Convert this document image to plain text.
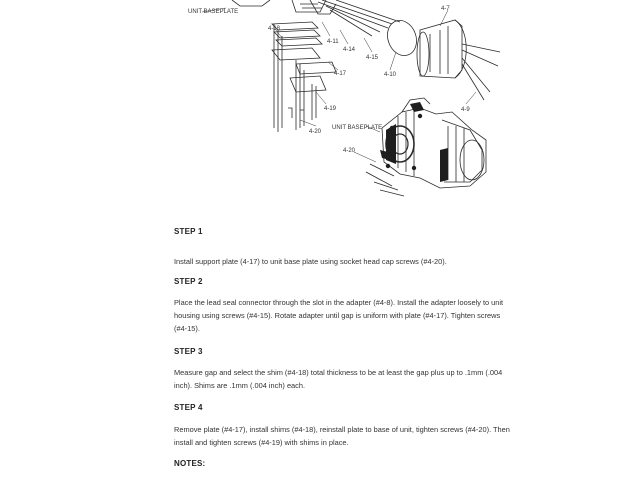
UNIT BASEPLATE	4-7
4-18
4-11
4-14
4-15
4-10
4-17
4-19
4-20
4-9
UNIT BASEPLATE
4-20
STEP 1
Install support plate (4-17) to unit base plate using socket head cap screws (#4-20).
STEP 2
Place the lead seal connector through the slot in the adapter (#4-8). Install the adapter loosely to unit
housing using screws (#4-15). Rotate adapter until gap is uniform with plate (#4-17). Tighten screws
(#4-15).
STEP 3
Measure gap and select the shim (#4-18) total thickness to be at least the gap plus up to .1mm (.004
inch). Shims are .1mm (.004 inch) each.
STEP 4
Remove plate (#4-17), install shims (#4-18), reinstall plate to base of unit, tighten screws (#4-20). Then
install and tighten screws (#4-19) with shims in place.
NOTES:
